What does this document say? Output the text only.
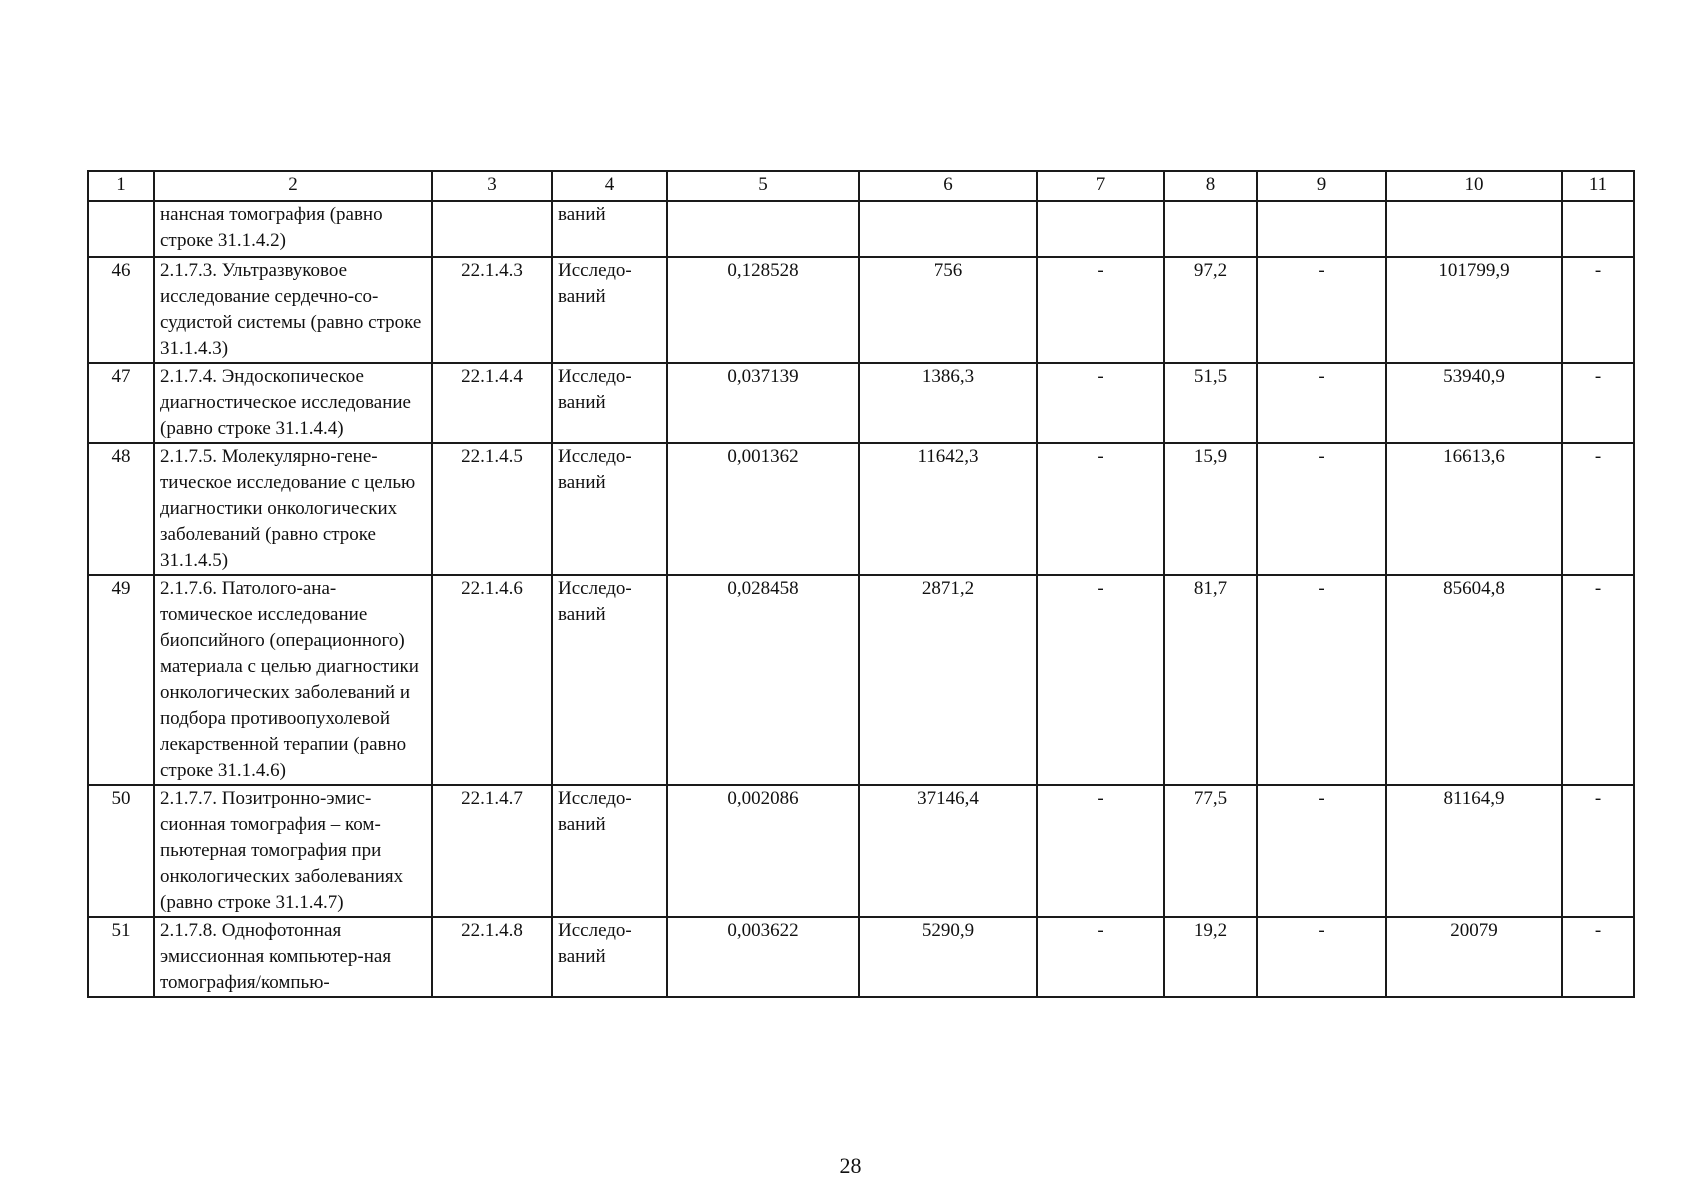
1	2	3	4	5	6	7	8	9	10	11
	нансная томография (равно строке 31.1.4.2)		ваний							
46	2.1.7.3. Ультразвуковое исследование сердечно-со-судистой системы (равно строке 31.1.4.3)	22.1.4.3	Исследо-ваний	0,128528	756	-	97,2	-	101799,9	-
47	2.1.7.4. Эндоскопическое диагностическое исследование (равно строке 31.1.4.4)	22.1.4.4	Исследо-ваний	0,037139	1386,3	-	51,5	-	53940,9	-
48	2.1.7.5. Молекулярно-гене-тическое исследование с целью диагностики онкологических заболеваний (равно строке 31.1.4.5)	22.1.4.5	Исследо-ваний	0,001362	11642,3	-	15,9	-	16613,6	-
49	2.1.7.6. Патолого-ана-томическое исследование биопсийного (операционного) материала с целью диагностики онкологических заболеваний и подбора противоопухолевой лекарственной терапии (равно строке 31.1.4.6)	22.1.4.6	Исследо-ваний	0,028458	2871,2	-	81,7	-	85604,8	-
50	2.1.7.7. Позитронно-эмис-сионная томография – ком-пьютерная томография при онкологических заболеваниях (равно строке 31.1.4.7)	22.1.4.7	Исследо-ваний	0,002086	37146,4	-	77,5	-	81164,9	-
51	2.1.7.8. Однофотонная эмиссионная компьютер-ная томография/компью-	22.1.4.8	Исследо-ваний	0,003622	5290,9	-	19,2	-	20079	-
28
